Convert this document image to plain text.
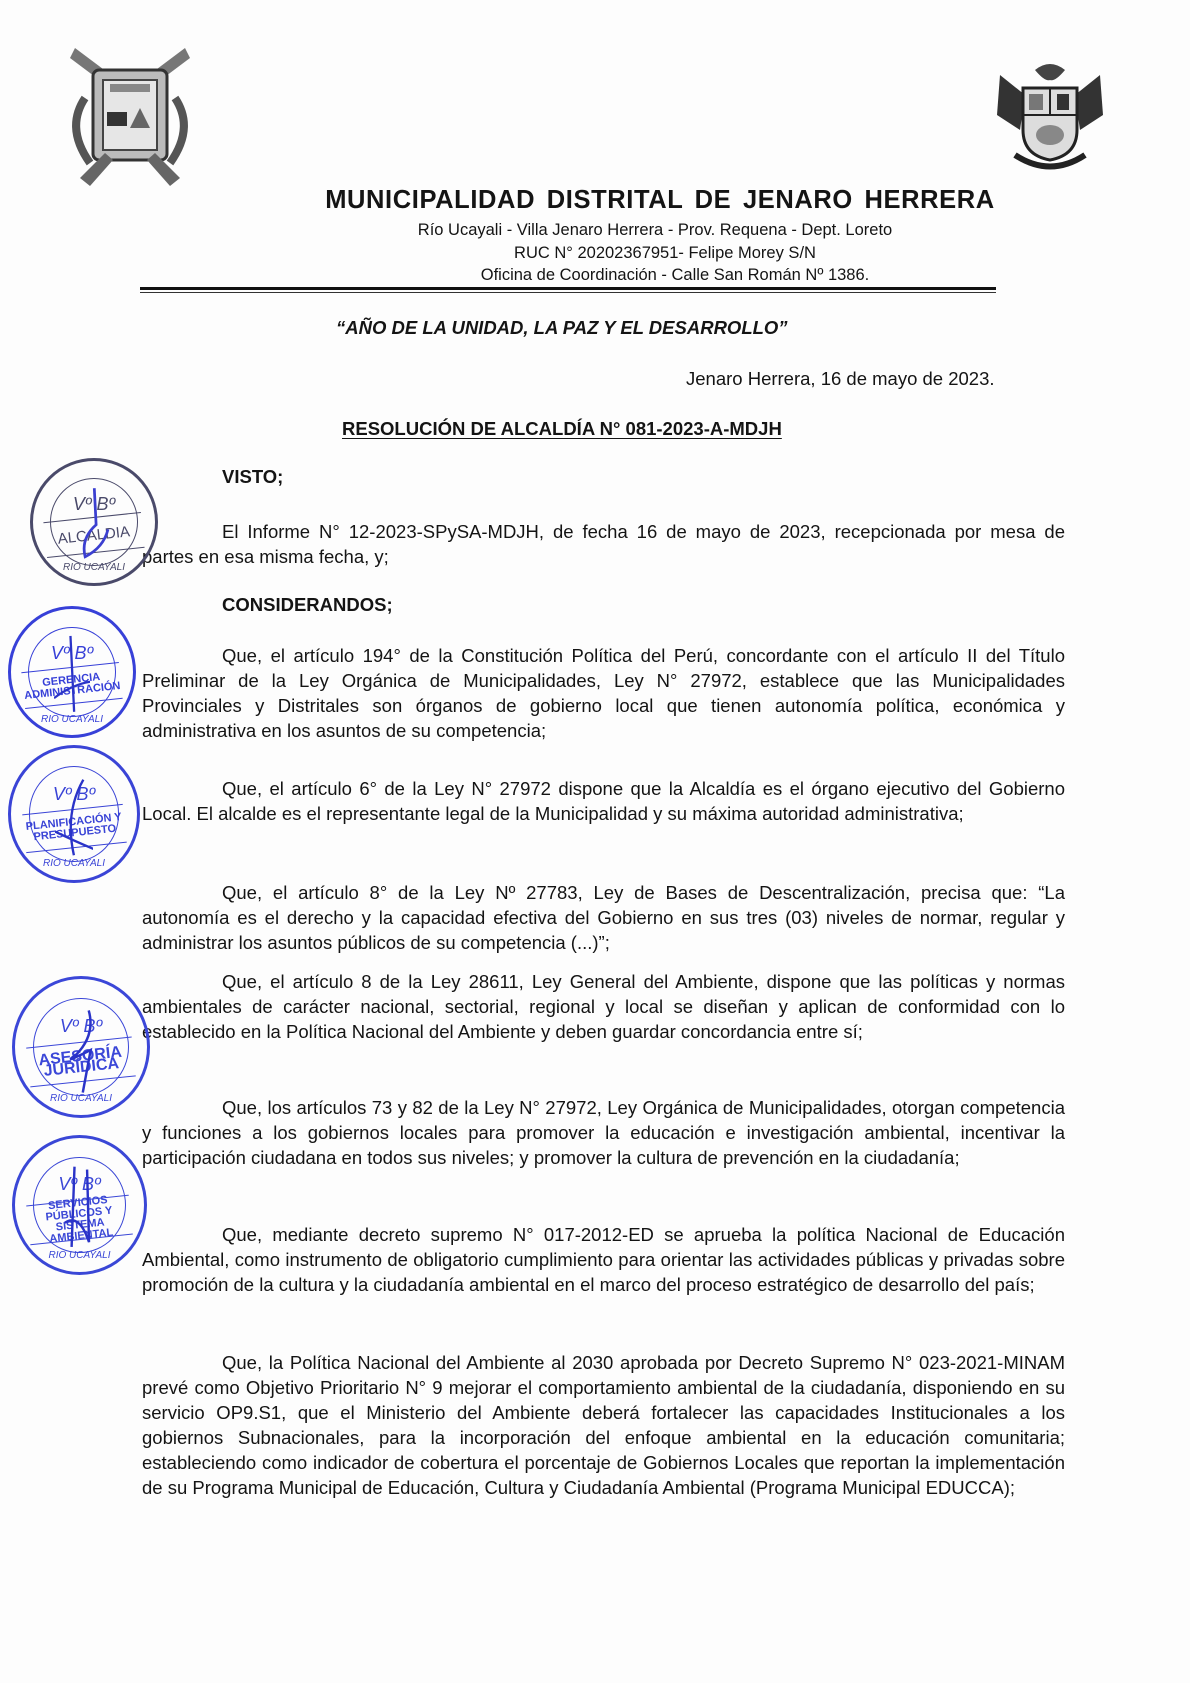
MUNICIPALIDAD DISTRITAL DE JENARO HERRERA
Río Ucayali - Villa Jenaro Herrera - Prov. Requena - Dept. Loreto
RUC N° 20202367951- Felipe Morey S/N
Oficina de Coordinación - Calle San Román Nº 1386.
“AÑO DE LA UNIDAD, LA PAZ Y EL DESARROLLO”
Jenaro Herrera, 16 de mayo de 2023.
RESOLUCIÓN DE ALCALDÍA N° 081-2023-A-MDJH
VISTO;
El Informe N° 12-2023-SPySA-MDJH, de fecha 16 de mayo de 2023, recepcionada por mesa de partes en esa misma fecha, y;
CONSIDERANDOS;
Que, el artículo 194° de la Constitución Política del Perú, concordante con el artículo II del Título Preliminar de la Ley Orgánica de Municipalidades, Ley N° 27972, establece que las Municipalidades Provinciales y Distritales son órganos de gobierno local que tienen autonomía política, económica y administrativa en los asuntos de su competencia;
Que, el artículo 6° de la Ley N° 27972 dispone que la Alcaldía es el órgano ejecutivo del Gobierno Local. El alcalde es el representante legal de la Municipalidad y su máxima autoridad administrativa;
Que, el artículo 8° de la Ley Nº 27783, Ley de Bases de Descentralización, precisa que: “La autonomía es el derecho y la capacidad efectiva del Gobierno en sus tres (03) niveles de normar, regular y administrar los asuntos públicos de su competencia (...)”;
Que, el artículo 8 de la Ley 28611, Ley General del Ambiente, dispone que las políticas y normas ambientales de carácter nacional, sectorial, regional y local se diseñan y aplican de conformidad con lo establecido en la Política Nacional del Ambiente y deben guardar concordancia entre sí;
Que, los artículos 73 y 82 de la Ley N° 27972, Ley Orgánica de Municipalidades, otorgan competencia y funciones a los gobiernos locales para promover la educación e investigación ambiental, incentivar la participación ciudadana en todos sus niveles; y promover la cultura de prevención en la ciudadanía;
Que, mediante decreto supremo N° 017-2012-ED se aprueba la política Nacional de Educación Ambiental, como instrumento de obligatorio cumplimiento para orientar las actividades públicas y privadas sobre promoción de la cultura y la ciudadanía ambiental en el marco del proceso estratégico de desarrollo del país;
Que, la Política Nacional del Ambiente al 2030 aprobada por Decreto Supremo N° 023-2021-MINAM prevé como Objetivo Prioritario N° 9 mejorar el comportamiento ambiental de la ciudadanía, disponiendo en su servicio OP9.S1, que el Ministerio del Ambiente deberá fortalecer las capacidades Institucionales a los gobiernos Subnacionales, para la incorporación del enfoque ambiental en la educación comunitaria; estableciendo como indicador de cobertura el porcentaje de Gobiernos Locales que reportan la implementación de su Programa Municipal de Educación, Cultura y Ciudadanía Ambiental (Programa Municipal EDUCCA);
Vº Bº
ALCALDIA
RIO UCAYALI
Vº Bº
GERENCIA ADMINISTRACIÓN
RIO UCAYALI
Vº Bº
PLANIFICACIÓN Y PRESUPUESTO
RIO UCAYALI
Vº Bº
ASESORÍA JURÍDICA
RIO UCAYALI
Vº Bº
SERVICIOS PÚBLICOS Y SISTEMA AMBIENTAL
RIO UCAYALI
